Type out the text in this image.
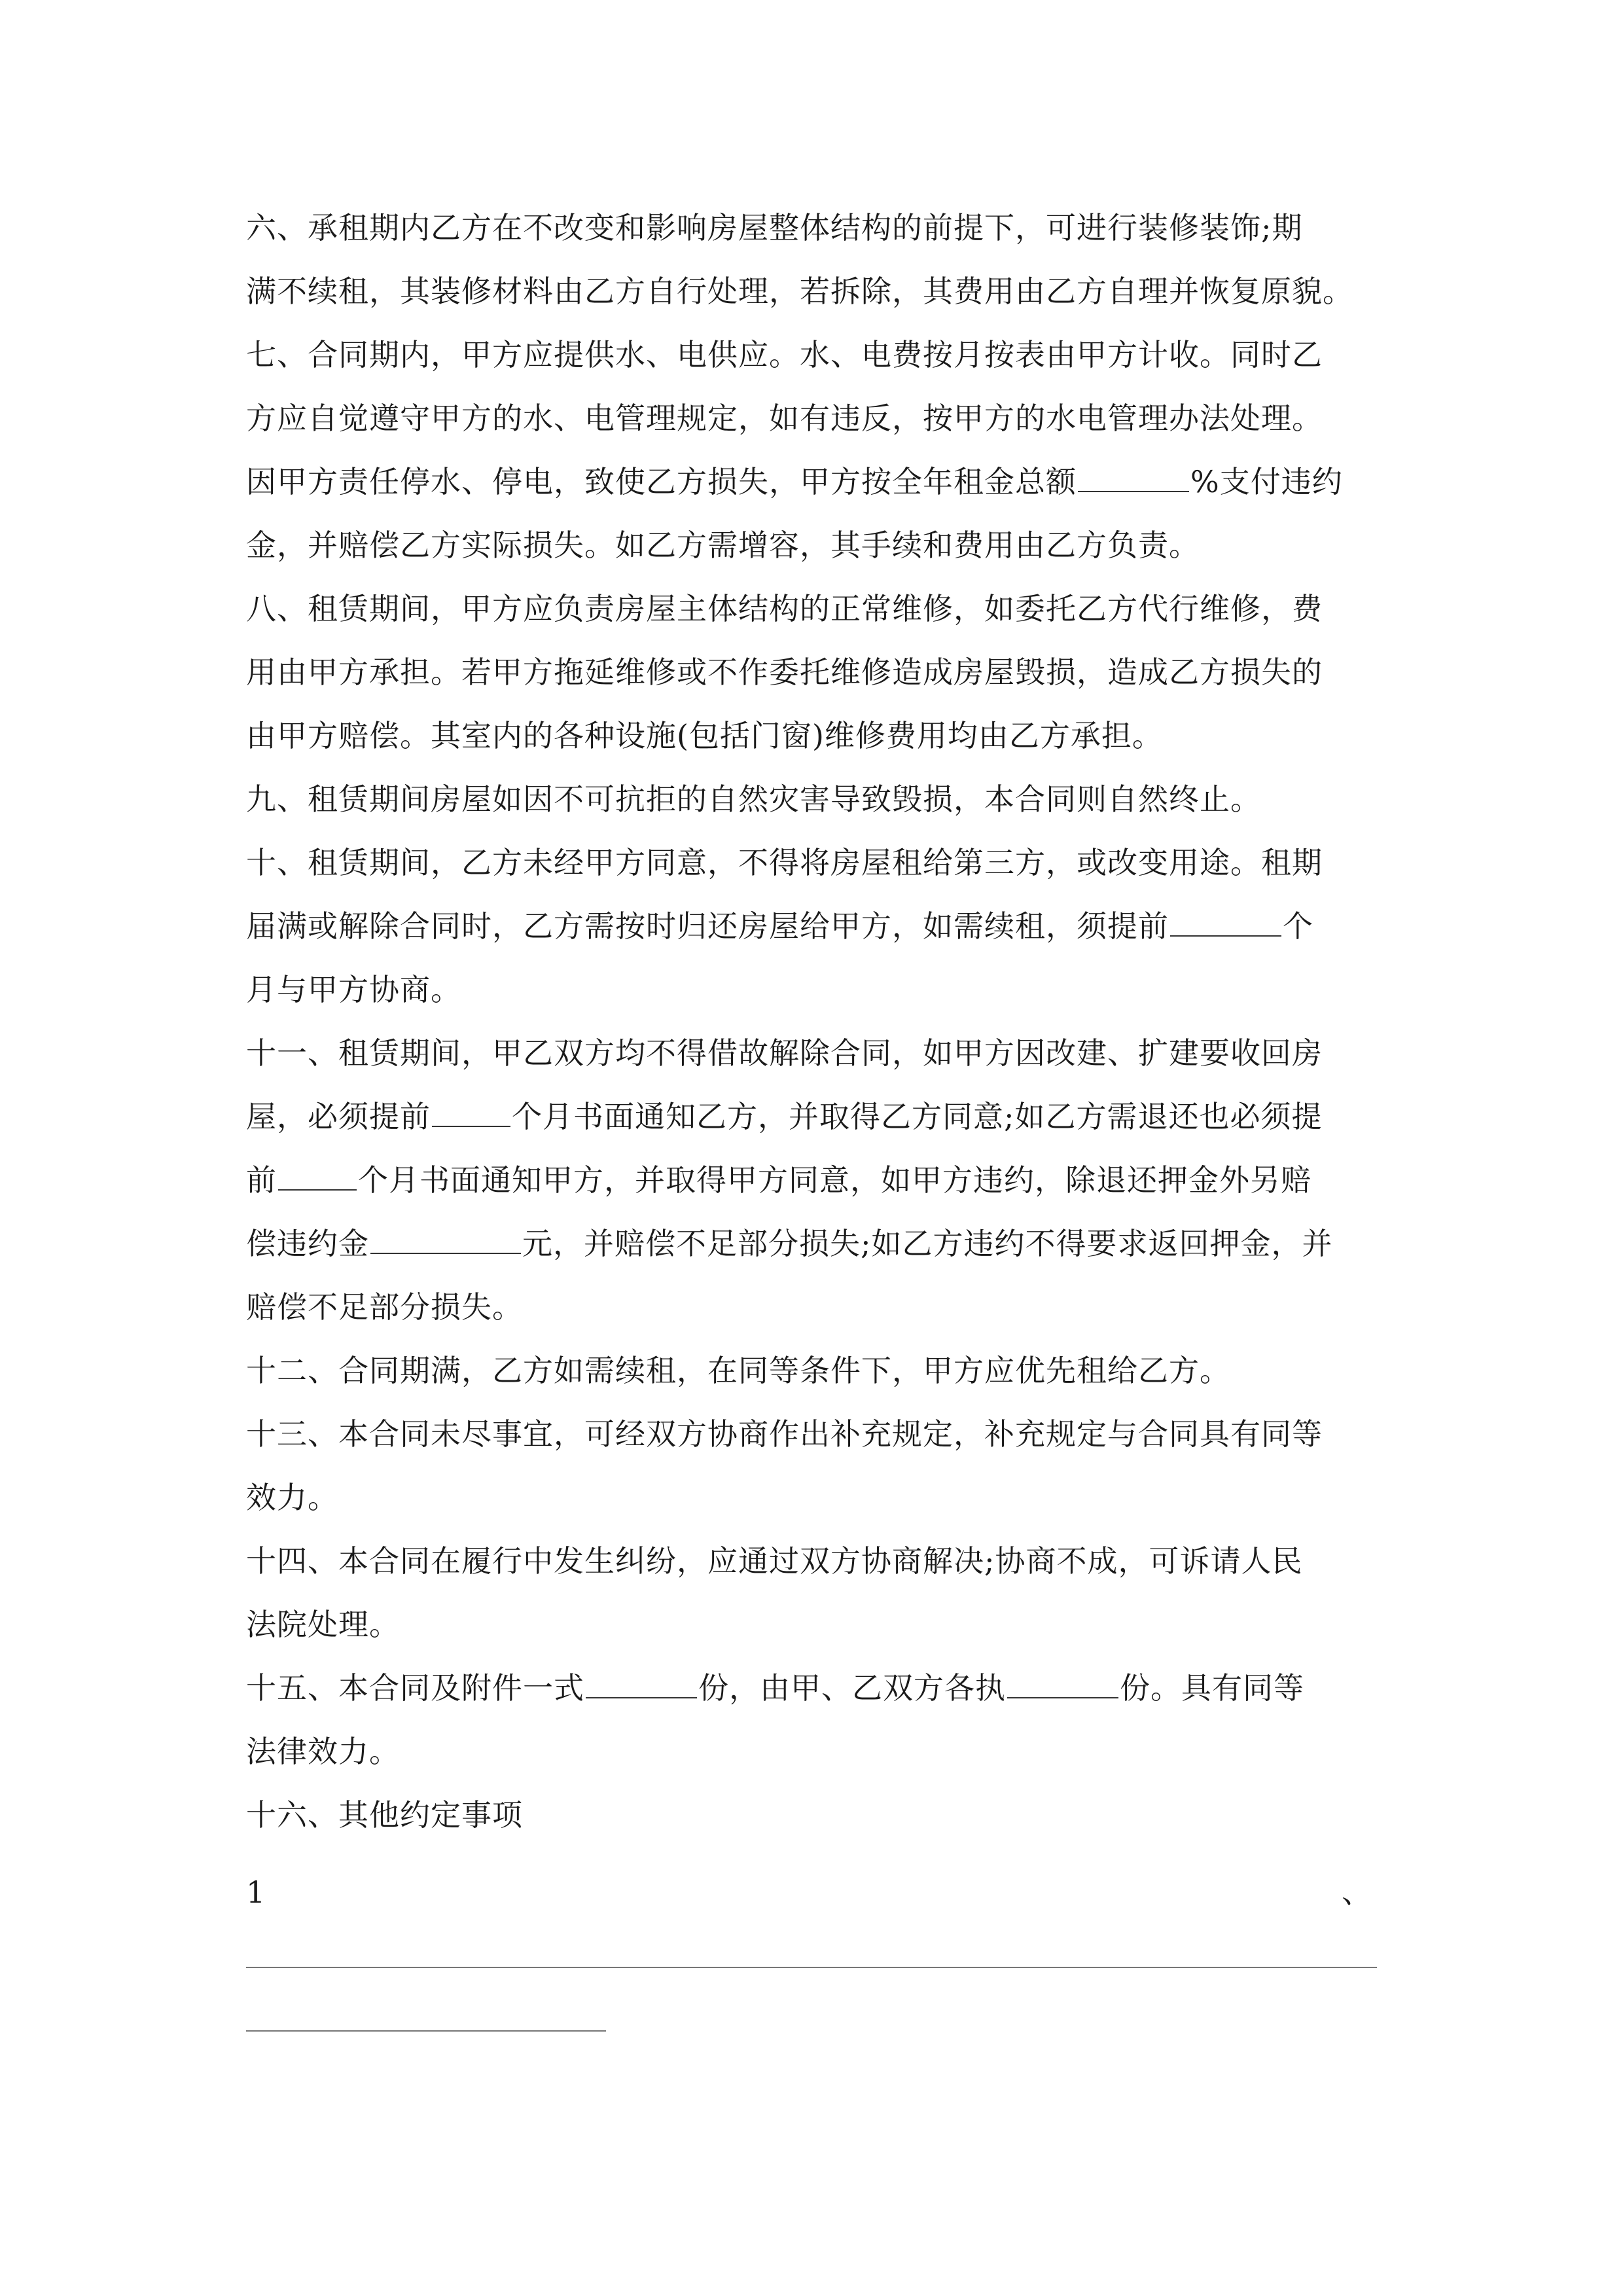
六、承租期内乙方在不改变和影响房屋整体结构的前提下，可进行装修装饰;期
满不续租，其装修材料由乙方自行处理，若拆除，其费用由乙方自理并恢复原貌。
七、合同期内，甲方应提供水、电供应。水、电费按月按表由甲方计收。同时乙
方应自觉遵守甲方的水、电管理规定，如有违反，按甲方的水电管理办法处理。
因甲方责任停水、停电，致使乙方损失，甲方按全年租金总额	%支付违约
金，并赔偿乙方实际损失。如乙方需增容，其手续和费用由乙方负责。
八、租赁期间，甲方应负责房屋主体结构的正常维修，如委托乙方代行维修，费
用由甲方承担。若甲方拖延维修或不作委托维修造成房屋毁损，造成乙方损失的
由甲方赔偿。其室内的各种设施(包括门窗)维修费用均由乙方承担。
九、租赁期间房屋如因不可抗拒的自然灾害导致毁损，本合同则自然终止。
十、租赁期间，乙方未经甲方同意，不得将房屋租给第三方，或改变用途。租期
届满或解除合同时，乙方需按时归还房屋给甲方，如需续租，须提前	个
月与甲方协商。
十一、租赁期间，甲乙双方均不得借故解除合同，如甲方因改建、扩建要收回房
屋，必须提前	个月书面通知乙方，并取得乙方同意;如乙方需退还也必须提
前	个月书面通知甲方，并取得甲方同意，如甲方违约，除退还押金外另赔
偿违约金	元，并赔偿不足部分损失;如乙方违约不得要求返回押金，并
赔偿不足部分损失。
十二、合同期满，乙方如需续租，在同等条件下，甲方应优先租给乙方。
十三、本合同未尽事宜，可经双方协商作出补充规定，补充规定与合同具有同等
效力。
十四、本合同在履行中发生纠纷，应通过双方协商解决;协商不成，可诉请人民
法院处理。
十五、本合同及附件一式	份，由甲、乙双方各执	份。具有同等
法律效力。
十六、其他约定事项
1	、
